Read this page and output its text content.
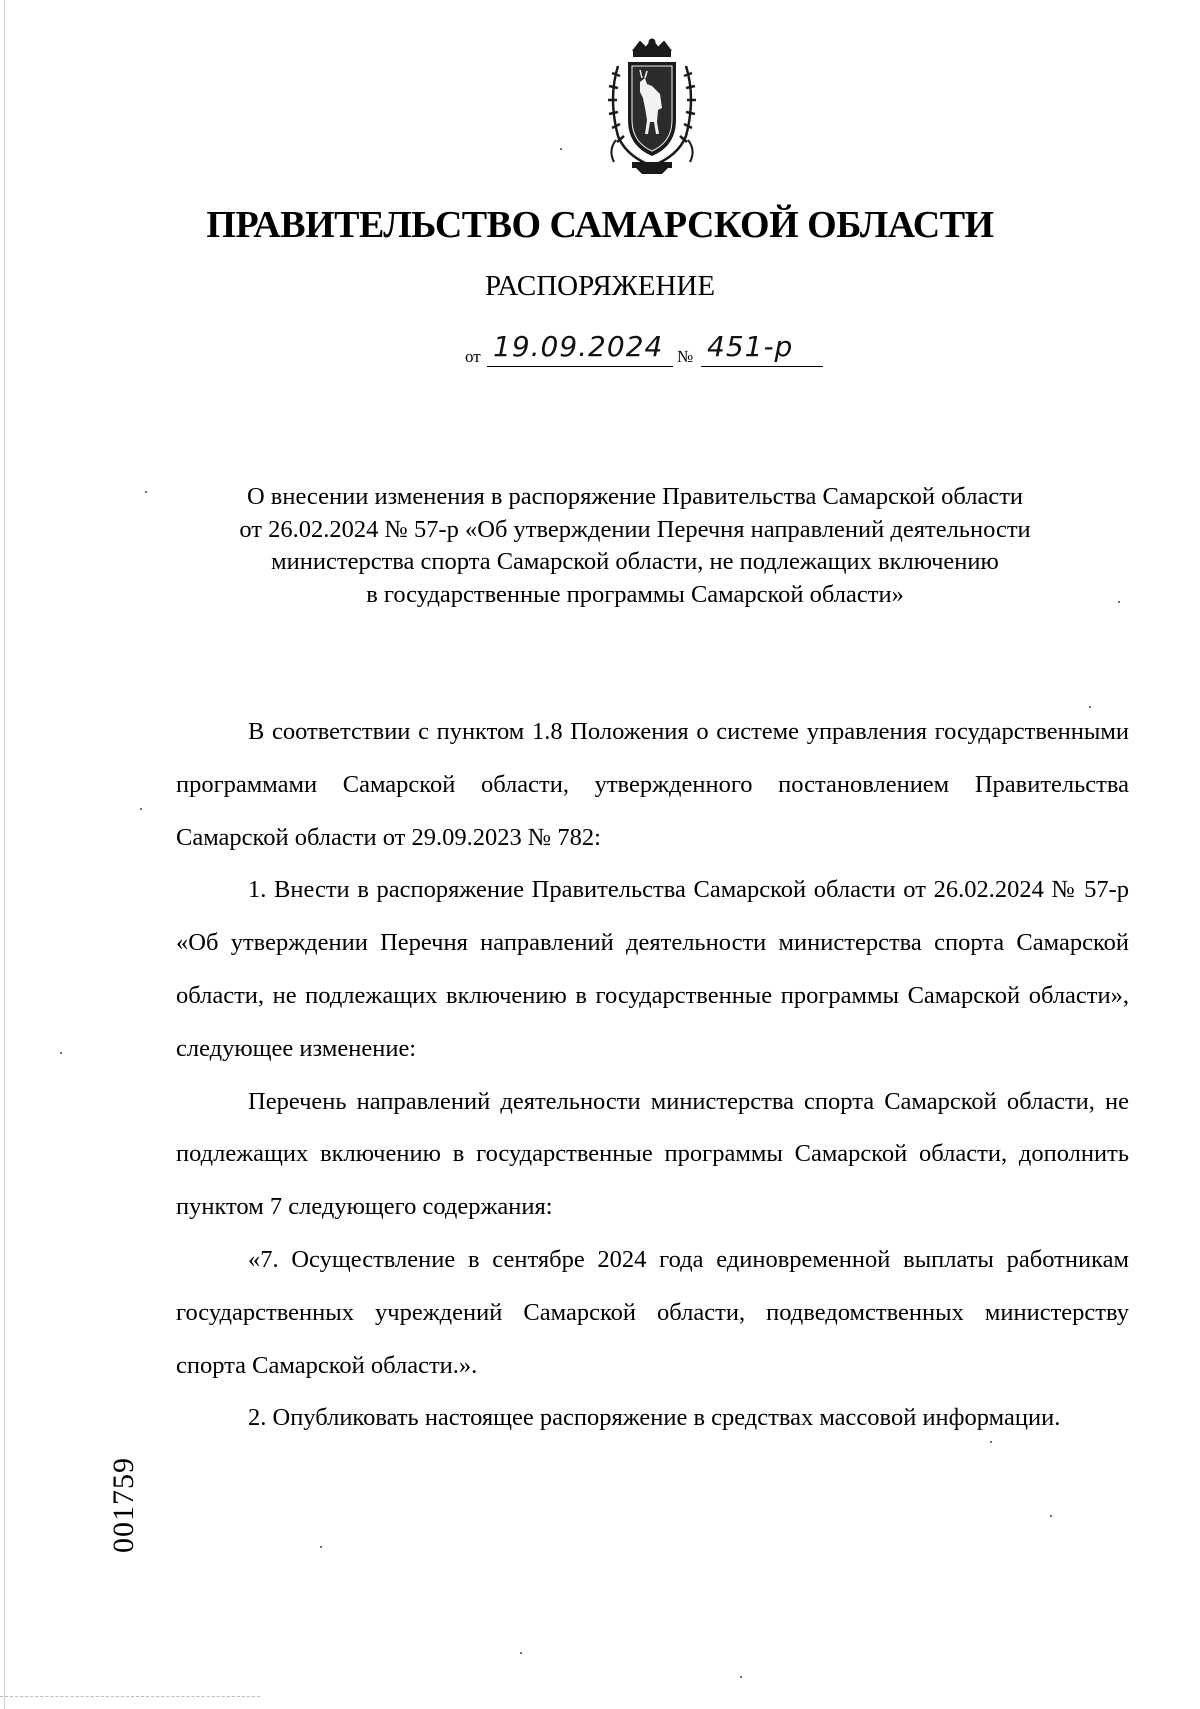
ПРАВИТЕЛЬСТВО САМАРСКОЙ ОБЛАСТИ
РАСПОРЯЖЕНИЕ
от 19.09.2024 № 451-р
О внесении изменения в распоряжение Правительства Самарской области
от 26.02.2024 № 57-р «Об утверждении Перечня направлений деятельности
министерства спорта Самарской области, не подлежащих включению
в государственные программы Самарской области»

В соответствии с пунктом 1.8 Положения о системе управления государственными программами Самарской области, утвержденного постановлением Правительства Самарской области от 29.09.2023 № 782:

1. Внести в распоряжение Правительства Самарской области от 26.02.2024 № 57-р «Об утверждении Перечня направлений деятельности министерства спорта Самарской области, не подлежащих включению в государственные программы Самарской области», следующее изменение:

Перечень направлений деятельности министерства спорта Самарской области, не подлежащих включению в государственные программы Самарской области, дополнить пунктом 7 следующего содержания:

«7. Осуществление в сентябре 2024 года единовременной выплаты работникам государственных учреждений Самарской области, подведомственных министерству спорта Самарской области.».

2. Опубликовать настоящее распоряжение в средствах массовой информации.

001759
